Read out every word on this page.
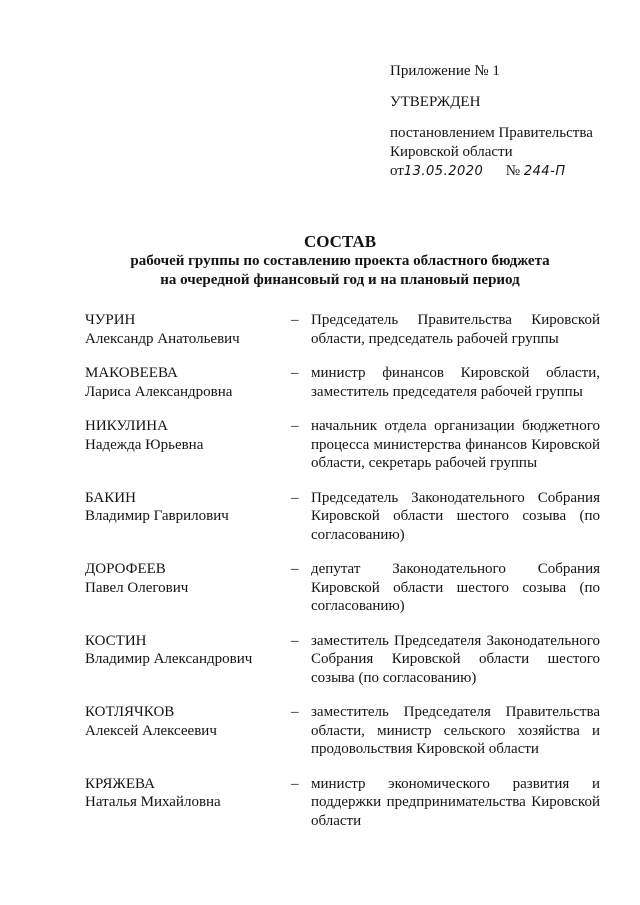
Приложение № 1
УТВЕРЖДЕН
постановлением Правительства
Кировской области
от13.05.2020 № 244-П
СОСТАВ
рабочей группы по составлению проекта областного бюджета
на очередной финансовый год и на плановый период
ЧУРИН
Александр Анатольевич
– Председатель Правительства Кировской области, председатель рабочей группы
МАКОВЕЕВА
Лариса Александровна
– министр финансов Кировской области, заместитель председателя рабочей группы
НИКУЛИНА
Надежда Юрьевна
– начальник отдела организации бюджетного процесса министерства финансов Кировской области, секретарь рабочей группы
БАКИН
Владимир Гаврилович
– Председатель Законодательного Собрания Кировской области шестого созыва (по согласованию)
ДОРОФЕЕВ
Павел Олегович
– депутат Законодательного Собрания Кировской области шестого созыва (по согласованию)
КОСТИН
Владимир Александрович
– заместитель Председателя Законодательного Собрания Кировской области шестого созыва (по согласованию)
КОТЛЯЧКОВ
Алексей Алексеевич
– заместитель Председателя Правительства области, министр сельского хозяйства и продовольствия Кировской области
КРЯЖЕВА
Наталья Михайловна
– министр экономического развития и поддержки предпринимательства Кировской области
